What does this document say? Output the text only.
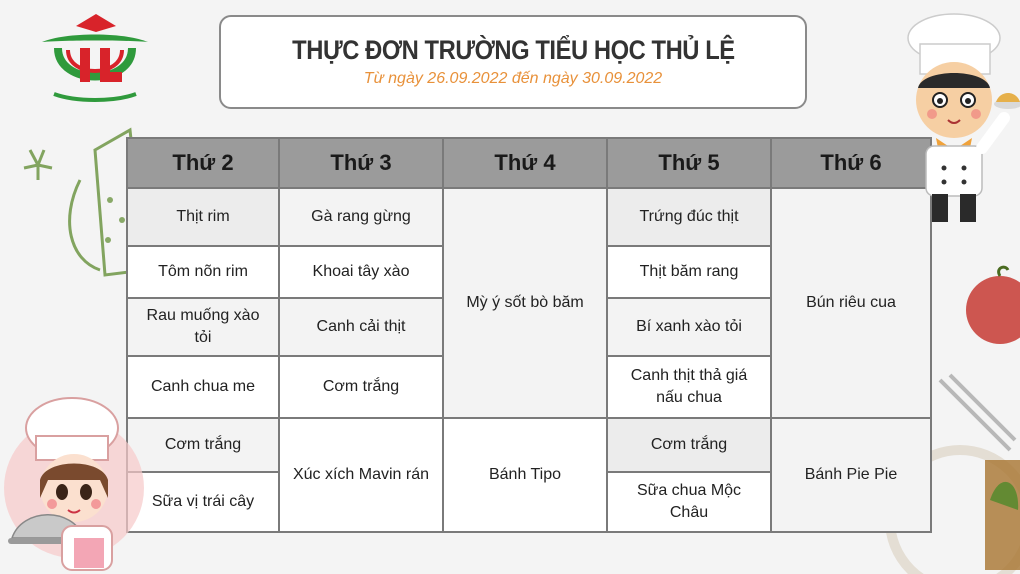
THỰC ĐƠN TRƯỜNG TIỂU HỌC THỦ LỆ
Từ ngày 26.09.2022 đến ngày 30.09.2022
Thứ 2	Thứ 3	Thứ 4	Thứ 5	Thứ 6
Thịt rim	Gà rang gừng	Mỳ ý sốt bò băm	Trứng đúc thịt	Bún riêu cua
Tôm nõn rim	Khoai tây xào		Thịt băm rang	
Rau muống xào tỏi	Canh cải thịt		Bí xanh xào tỏi	
Canh chua me	Cơm trắng		Canh thịt thả giá nấu chua	
Cơm trắng	Xúc xích Mavin rán	Bánh Tipo	Cơm trắng	Bánh Pie Pie
Sữa vị trái cây			Sữa chua Mộc Châu	
